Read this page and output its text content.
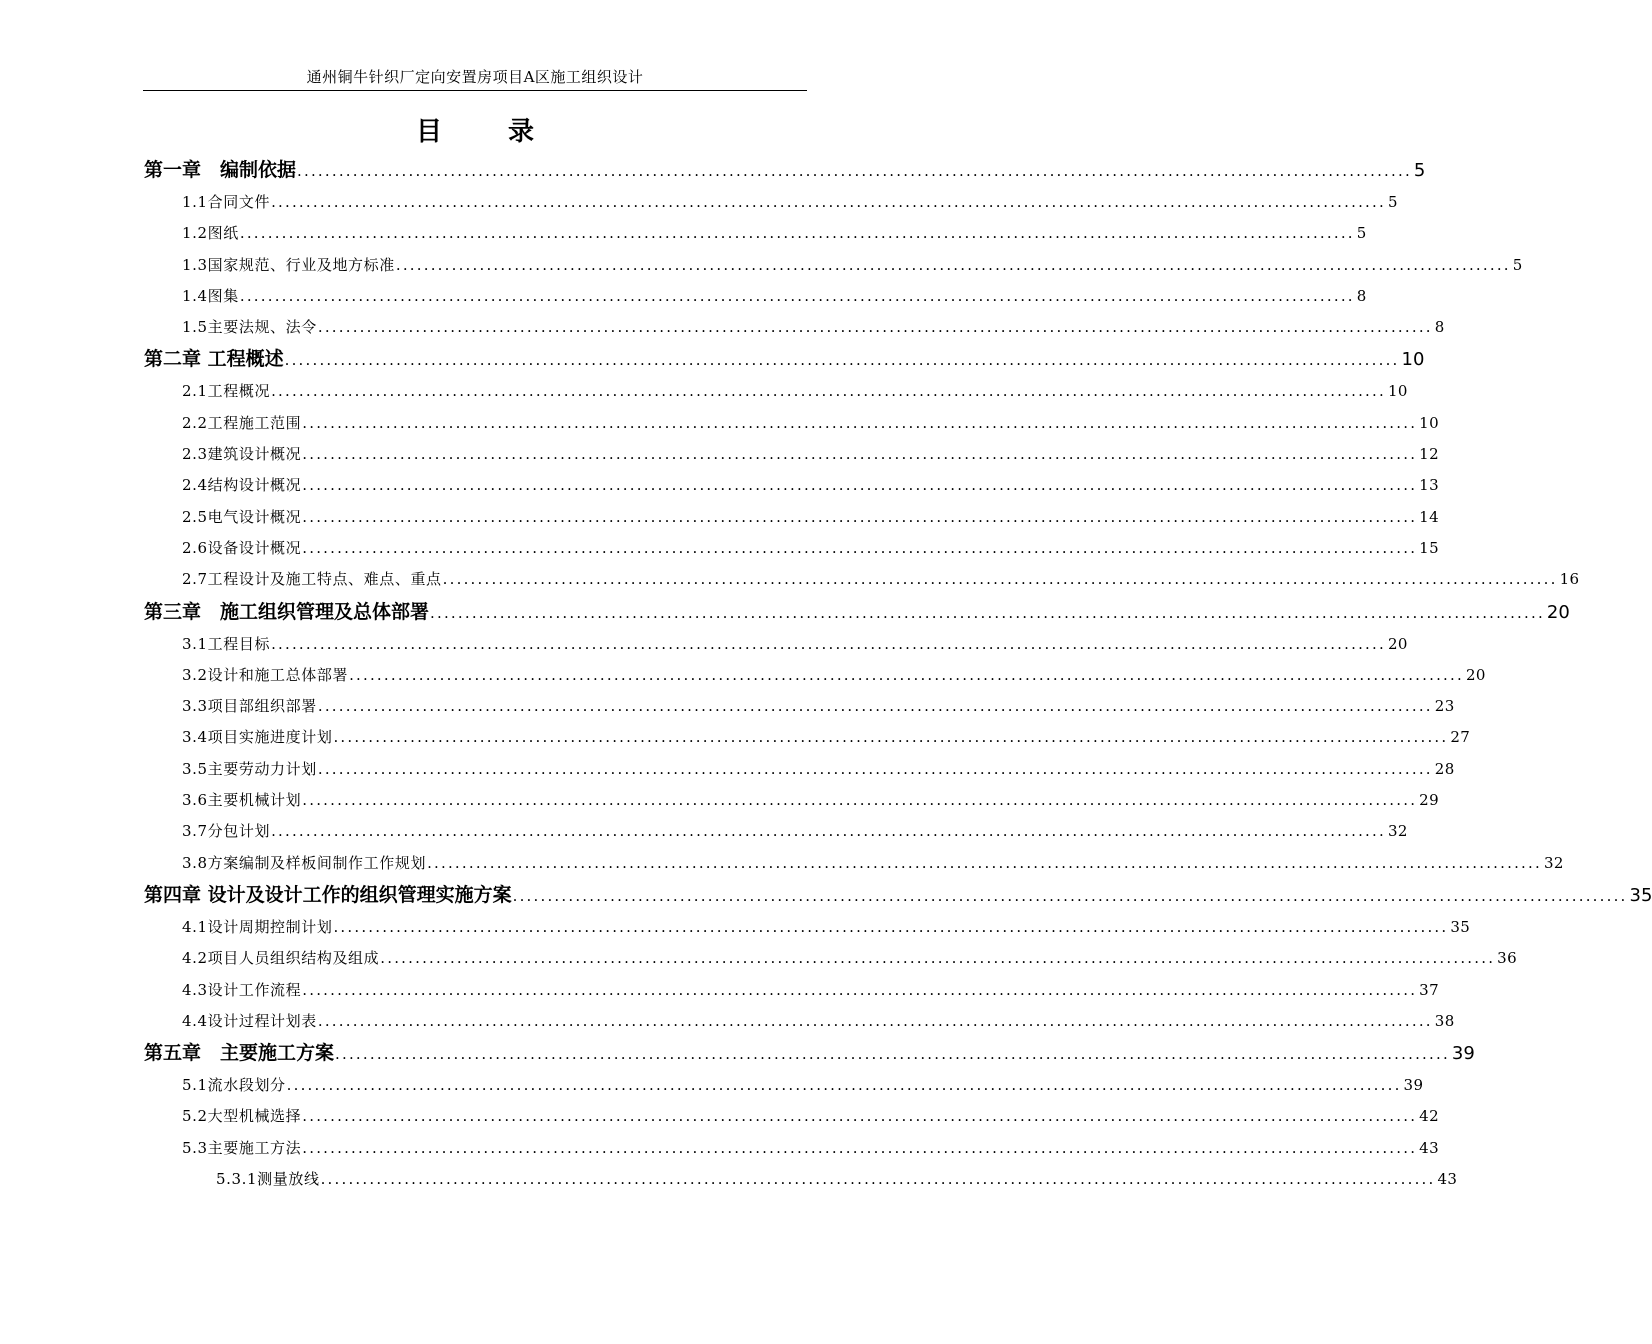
通州铜牛针织厂定向安置房项目A区施工组织设计
目	录
第一章　编制依据 ................................................................................................................................................................ 5
1.1合同文件 ................................................................................................................................................................ 5
1.2图纸 ................................................................................................................................................................ 5
1.3国家规范、行业及地方标准 ................................................................................................................................................................ 5
1.4图集 ................................................................................................................................................................ 8
1.5主要法规、法令 ................................................................................................................................................................ 8
第二章 工程概述 ................................................................................................................................................................ 10
2.1工程概况 ................................................................................................................................................................ 10
2.2工程施工范围 ................................................................................................................................................................ 10
2.3建筑设计概况 ................................................................................................................................................................ 12
2.4结构设计概况 ................................................................................................................................................................ 13
2.5电气设计概况 ................................................................................................................................................................ 14
2.6设备设计概况 ................................................................................................................................................................ 15
2.7工程设计及施工特点、难点、重点 ................................................................................................................................................................ 16
第三章　施工组织管理及总体部署 ................................................................................................................................................................ 20
3.1工程目标 ................................................................................................................................................................ 20
3.2设计和施工总体部署 ................................................................................................................................................................ 20
3.3项目部组织部署 ................................................................................................................................................................ 23
3.4项目实施进度计划 ................................................................................................................................................................ 27
3.5主要劳动力计划 ................................................................................................................................................................ 28
3.6主要机械计划 ................................................................................................................................................................ 29
3.7分包计划 ................................................................................................................................................................ 32
3.8方案编制及样板间制作工作规划 ................................................................................................................................................................ 32
第四章 设计及设计工作的组织管理实施方案 ................................................................................................................................................................ 35
4.1设计周期控制计划 ................................................................................................................................................................ 35
4.2项目人员组织结构及组成 ................................................................................................................................................................ 36
4.3设计工作流程 ................................................................................................................................................................ 37
4.4设计过程计划表 ................................................................................................................................................................ 38
第五章　主要施工方案 ................................................................................................................................................................ 39
5.1流水段划分 ................................................................................................................................................................ 39
5.2大型机械选择 ................................................................................................................................................................ 42
5.3主要施工方法 ................................................................................................................................................................ 43
5.3.1测量放线 ................................................................................................................................................................ 43
